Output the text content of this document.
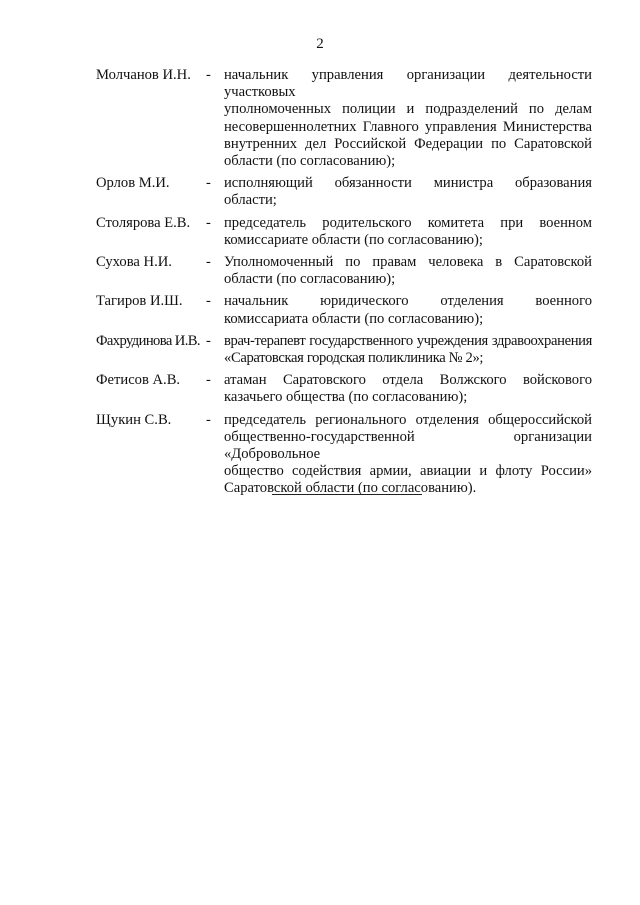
2
Молчанов И.Н.	- начальник управления организации деятельности участковых
уполномоченных полиции и подразделений по делам
несовершеннолетних Главного управления Министерства
внутренних дел Российской Федерации по Саратовской
области (по согласованию);
Орлов М.И.	- исполняющий обязанности министра образования
области;
Столярова Е.В.	- председатель родительского комитета при военном
комиссариате области (по согласованию);
Сухова Н.И.	- Уполномоченный по правам человека в Саратовской
области (по согласованию);
Тагиров И.Ш.	- начальник юридического отделения военного
комиссариата области (по согласованию);
Фахрудинова И.В. - врач-терапевт государственного учреждения здравоохранения
«Саратовская городская поликлиника № 2»;
Фетисов А.В.	- атаман Саратовского отдела Волжского войскового
казачьего общества (по согласованию);
Щукин С.В.	- председатель регионального отделения общероссийской
общественно-государственной организации «Добровольное
общество содействия армии, авиации и флоту России»
Саратовской области (по согласованию).
